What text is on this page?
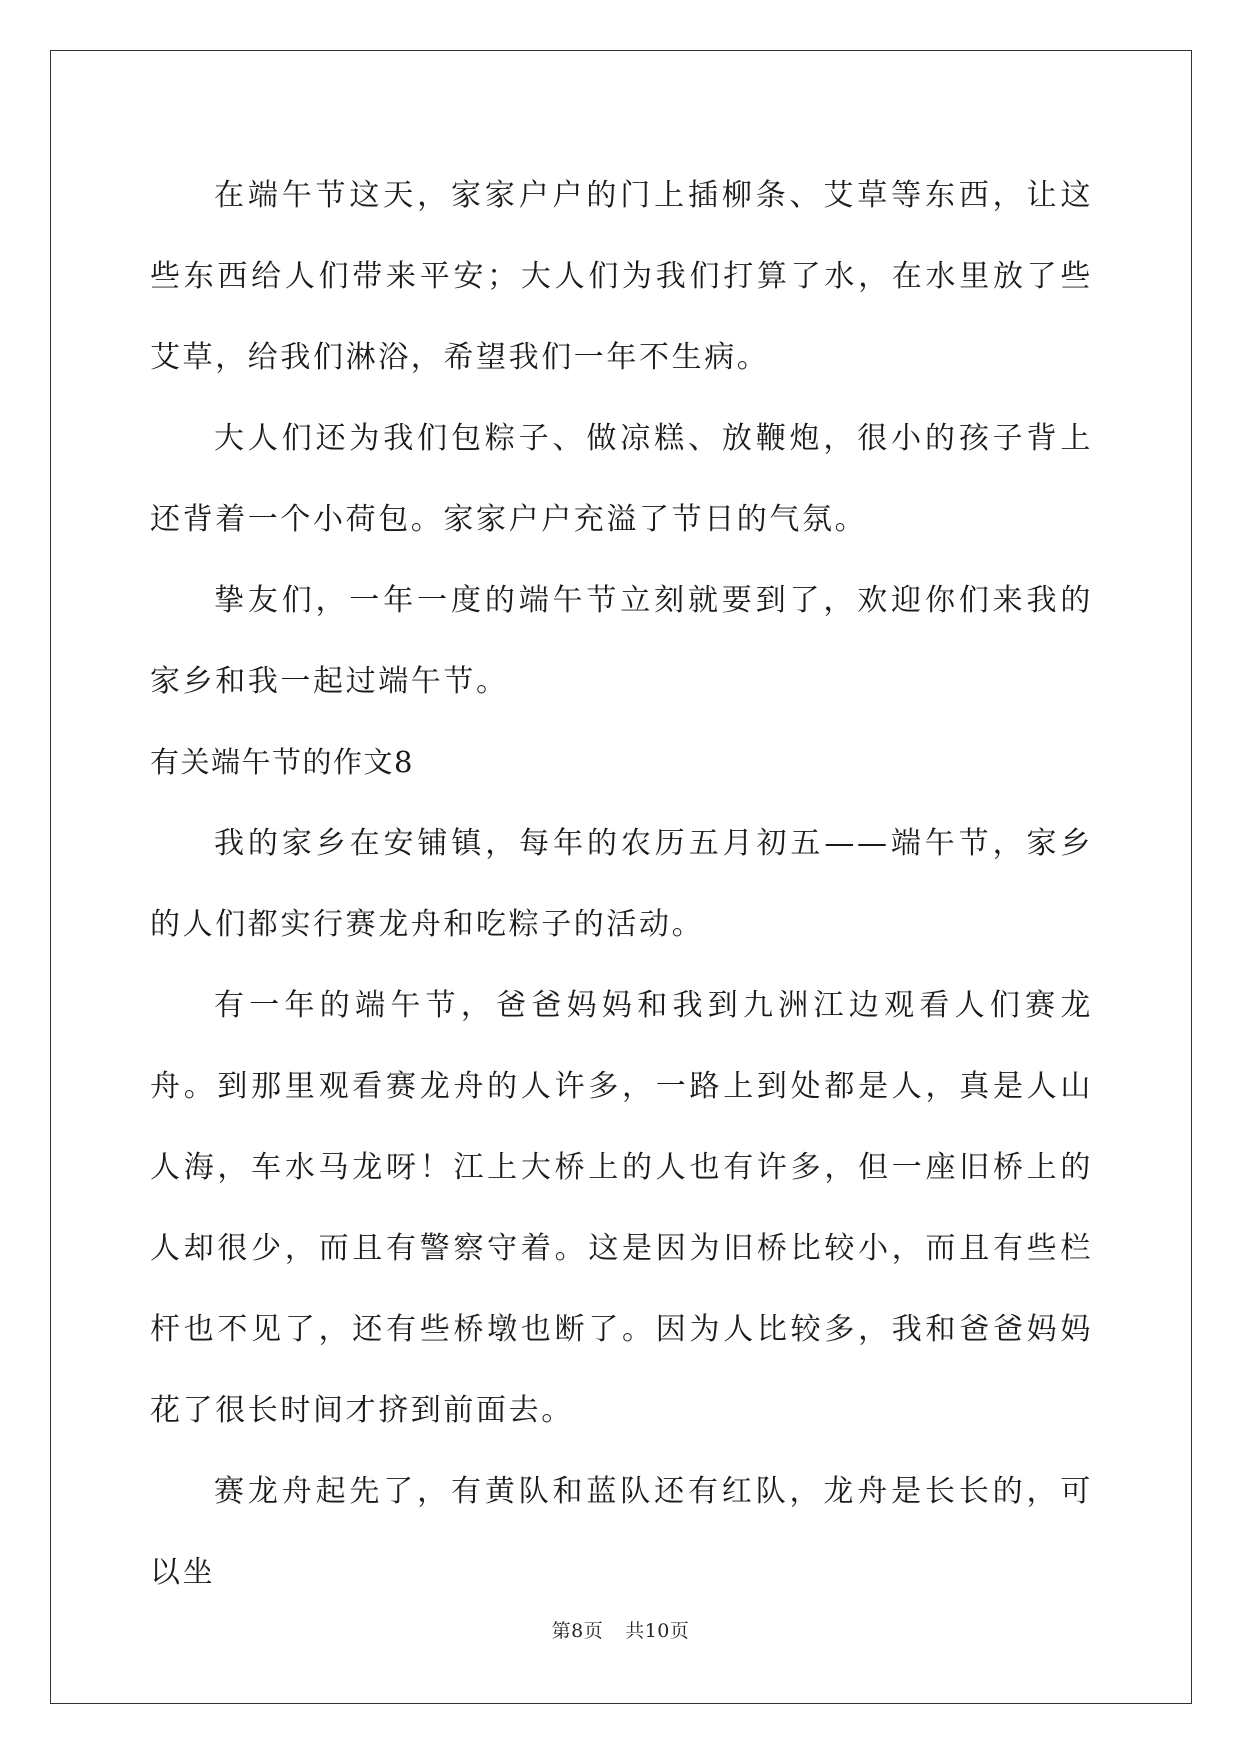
在端午节这天，家家户户的门上插柳条、艾草等东西，让这些东西给人们带来平安；大人们为我们打算了水，在水里放了些艾草，给我们淋浴，希望我们一年不生病。

大人们还为我们包粽子、做凉糕、放鞭炮，很小的孩子背上还背着一个小荷包。家家户户充溢了节日的气氛。

挚友们，一年一度的端午节立刻就要到了，欢迎你们来我的家乡和我一起过端午节。

有关端午节的作文8

我的家乡在安铺镇，每年的农历五月初五——端午节，家乡的人们都实行赛龙舟和吃粽子的活动。

有一年的端午节，爸爸妈妈和我到九洲江边观看人们赛龙舟。到那里观看赛龙舟的人许多，一路上到处都是人，真是人山人海，车水马龙呀！江上大桥上的人也有许多，但一座旧桥上的人却很少，而且有警察守着。这是因为旧桥比较小，而且有些栏杆也不见了，还有些桥墩也断了。因为人比较多，我和爸爸妈妈花了很长时间才挤到前面去。

赛龙舟起先了，有黄队和蓝队还有红队，龙舟是长长的，可以坐

第8页 共10页
